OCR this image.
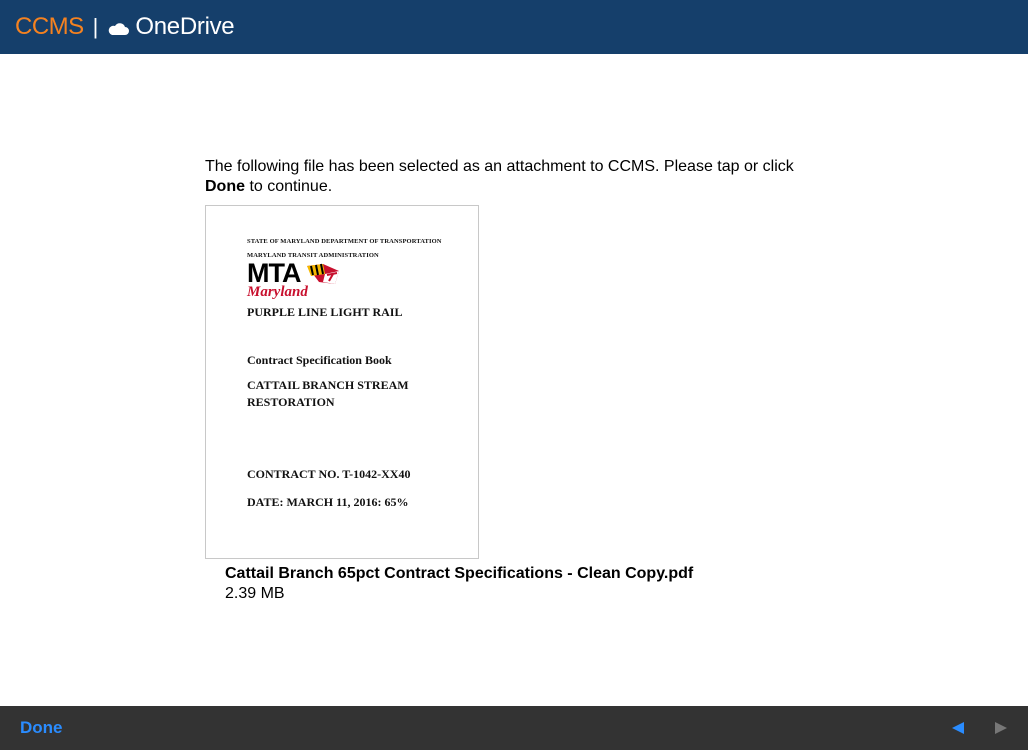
CCMS | OneDrive
The following file has been selected as an attachment to CCMS. Please tap or click
Done to continue.
STATE OF MARYLAND DEPARTMENT OF TRANSPORTATION
MARYLAND TRANSIT ADMINISTRATION
MTA
Maryland
PURPLE LINE LIGHT RAIL
Contract Specification Book
CATTAIL BRANCH STREAM
RESTORATION
CONTRACT NO. T-1042-XX40
DATE: MARCH 11, 2016: 65%
Cattail Branch 65pct Contract Specifications - Clean Copy.pdf
2.39 MB
Done
